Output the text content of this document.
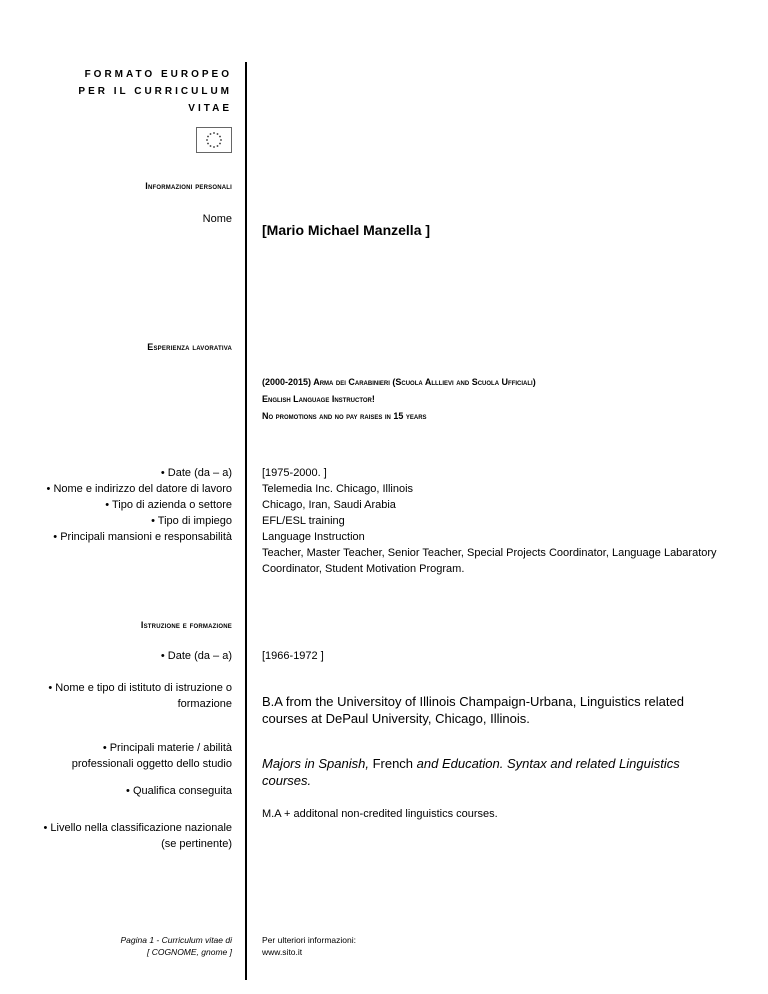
FORMATO EUROPEO
PER IL CURRICULUM
VITAE
Informazioni personali
Nome
[Mario Michael Manzella ]
Esperienza lavorativa
(2000-2015) Arma dei Carabinieri (Scuola Alllievi and Scuola Ufficiali)
English Language Instructor!
No promotions and no pay raises in 15 years
• Date (da – a)
• Nome e indirizzo del datore di lavoro
• Tipo di azienda o settore
• Tipo di impiego
• Principali mansioni e responsabilità
[1975-2000. ]
Telemedia Inc. Chicago, Illinois
Chicago, Iran, Saudi Arabia
EFL/ESL training
Language Instruction
Teacher, Master Teacher, Senior Teacher, Special Projects Coordinator, Language Labaratory Coordinator, Student Motivation Program.
Istruzione e formazione
• Date (da – a)	[1966-1972 ]
• Nome e tipo di istituto di istruzione o formazione B.A from the Universitoy of Illinois Champaign-Urbana, Linguistics related courses at DePaul University, Chicago, Illinois.
• Principali materie / abilità professionali oggetto dello studio Majors in Spanish, French and Education. Syntax and related Linguistics courses.
• Qualifica conseguita
M.A + additonal non-credited linguistics courses.
• Livello nella classificazione nazionale (se pertinente)
Pagina 1 - Curriculum vitae di
[ COGNOME, gnome ]
Per ulteriori informazioni:
www.sito.it
